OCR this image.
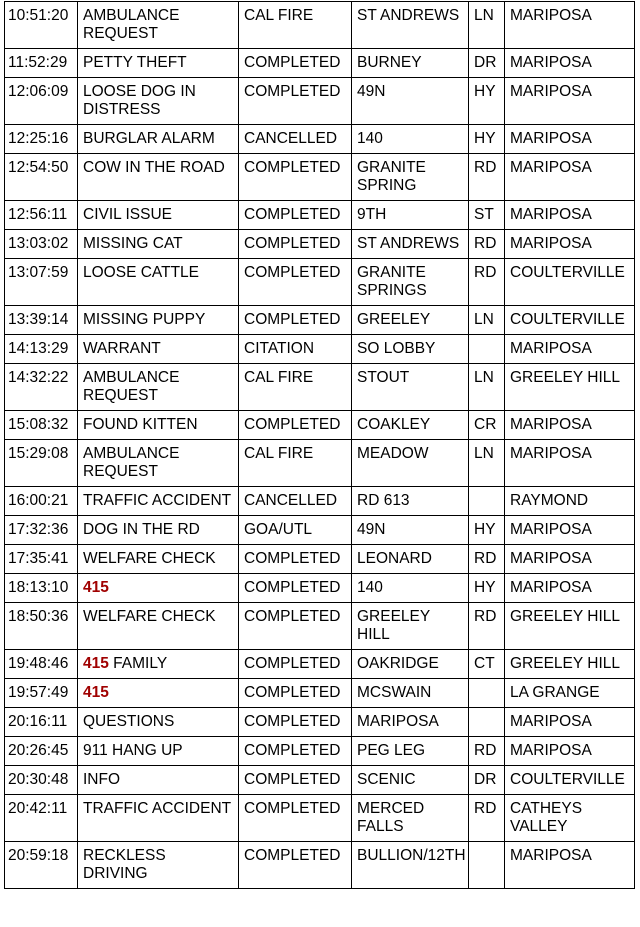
10:51:20	AMBULANCE REQUEST	CAL FIRE	ST ANDREWS	LN	MARIPOSA
11:52:29	PETTY THEFT	COMPLETED	BURNEY	DR	MARIPOSA
12:06:09	LOOSE DOG IN DISTRESS	COMPLETED	49N	HY	MARIPOSA
12:25:16	BURGLAR ALARM	CANCELLED	140	HY	MARIPOSA
12:54:50	COW IN THE ROAD	COMPLETED	GRANITE SPRING	RD	MARIPOSA
12:56:11	CIVIL ISSUE	COMPLETED	9TH	ST	MARIPOSA
13:03:02	MISSING CAT	COMPLETED	ST ANDREWS	RD	MARIPOSA
13:07:59	LOOSE CATTLE	COMPLETED	GRANITE SPRINGS	RD	COULTERVILLE
13:39:14	MISSING PUPPY	COMPLETED	GREELEY	LN	COULTERVILLE
14:13:29	WARRANT	CITATION	SO LOBBY		MARIPOSA
14:32:22	AMBULANCE REQUEST	CAL FIRE	STOUT	LN	GREELEY HILL
15:08:32	FOUND KITTEN	COMPLETED	COAKLEY	CR	MARIPOSA
15:29:08	AMBULANCE REQUEST	CAL FIRE	MEADOW	LN	MARIPOSA
16:00:21	TRAFFIC ACCIDENT	CANCELLED	RD 613		RAYMOND
17:32:36	DOG IN THE RD	GOA/UTL	49N	HY	MARIPOSA
17:35:41	WELFARE CHECK	COMPLETED	LEONARD	RD	MARIPOSA
18:13:10	415	COMPLETED	140	HY	MARIPOSA
18:50:36	WELFARE CHECK	COMPLETED	GREELEY HILL	RD	GREELEY HILL
19:48:46	415 FAMILY	COMPLETED	OAKRIDGE	CT	GREELEY HILL
19:57:49	415	COMPLETED	MCSWAIN		LA GRANGE
20:16:11	QUESTIONS	COMPLETED	MARIPOSA		MARIPOSA
20:26:45	911 HANG UP	COMPLETED	PEG LEG	RD	MARIPOSA
20:30:48	INFO	COMPLETED	SCENIC	DR	COULTERVILLE
20:42:11	TRAFFIC ACCIDENT	COMPLETED	MERCED FALLS	RD	CATHEYS VALLEY
20:59:18	RECKLESS DRIVING	COMPLETED	BULLION/12TH		MARIPOSA
